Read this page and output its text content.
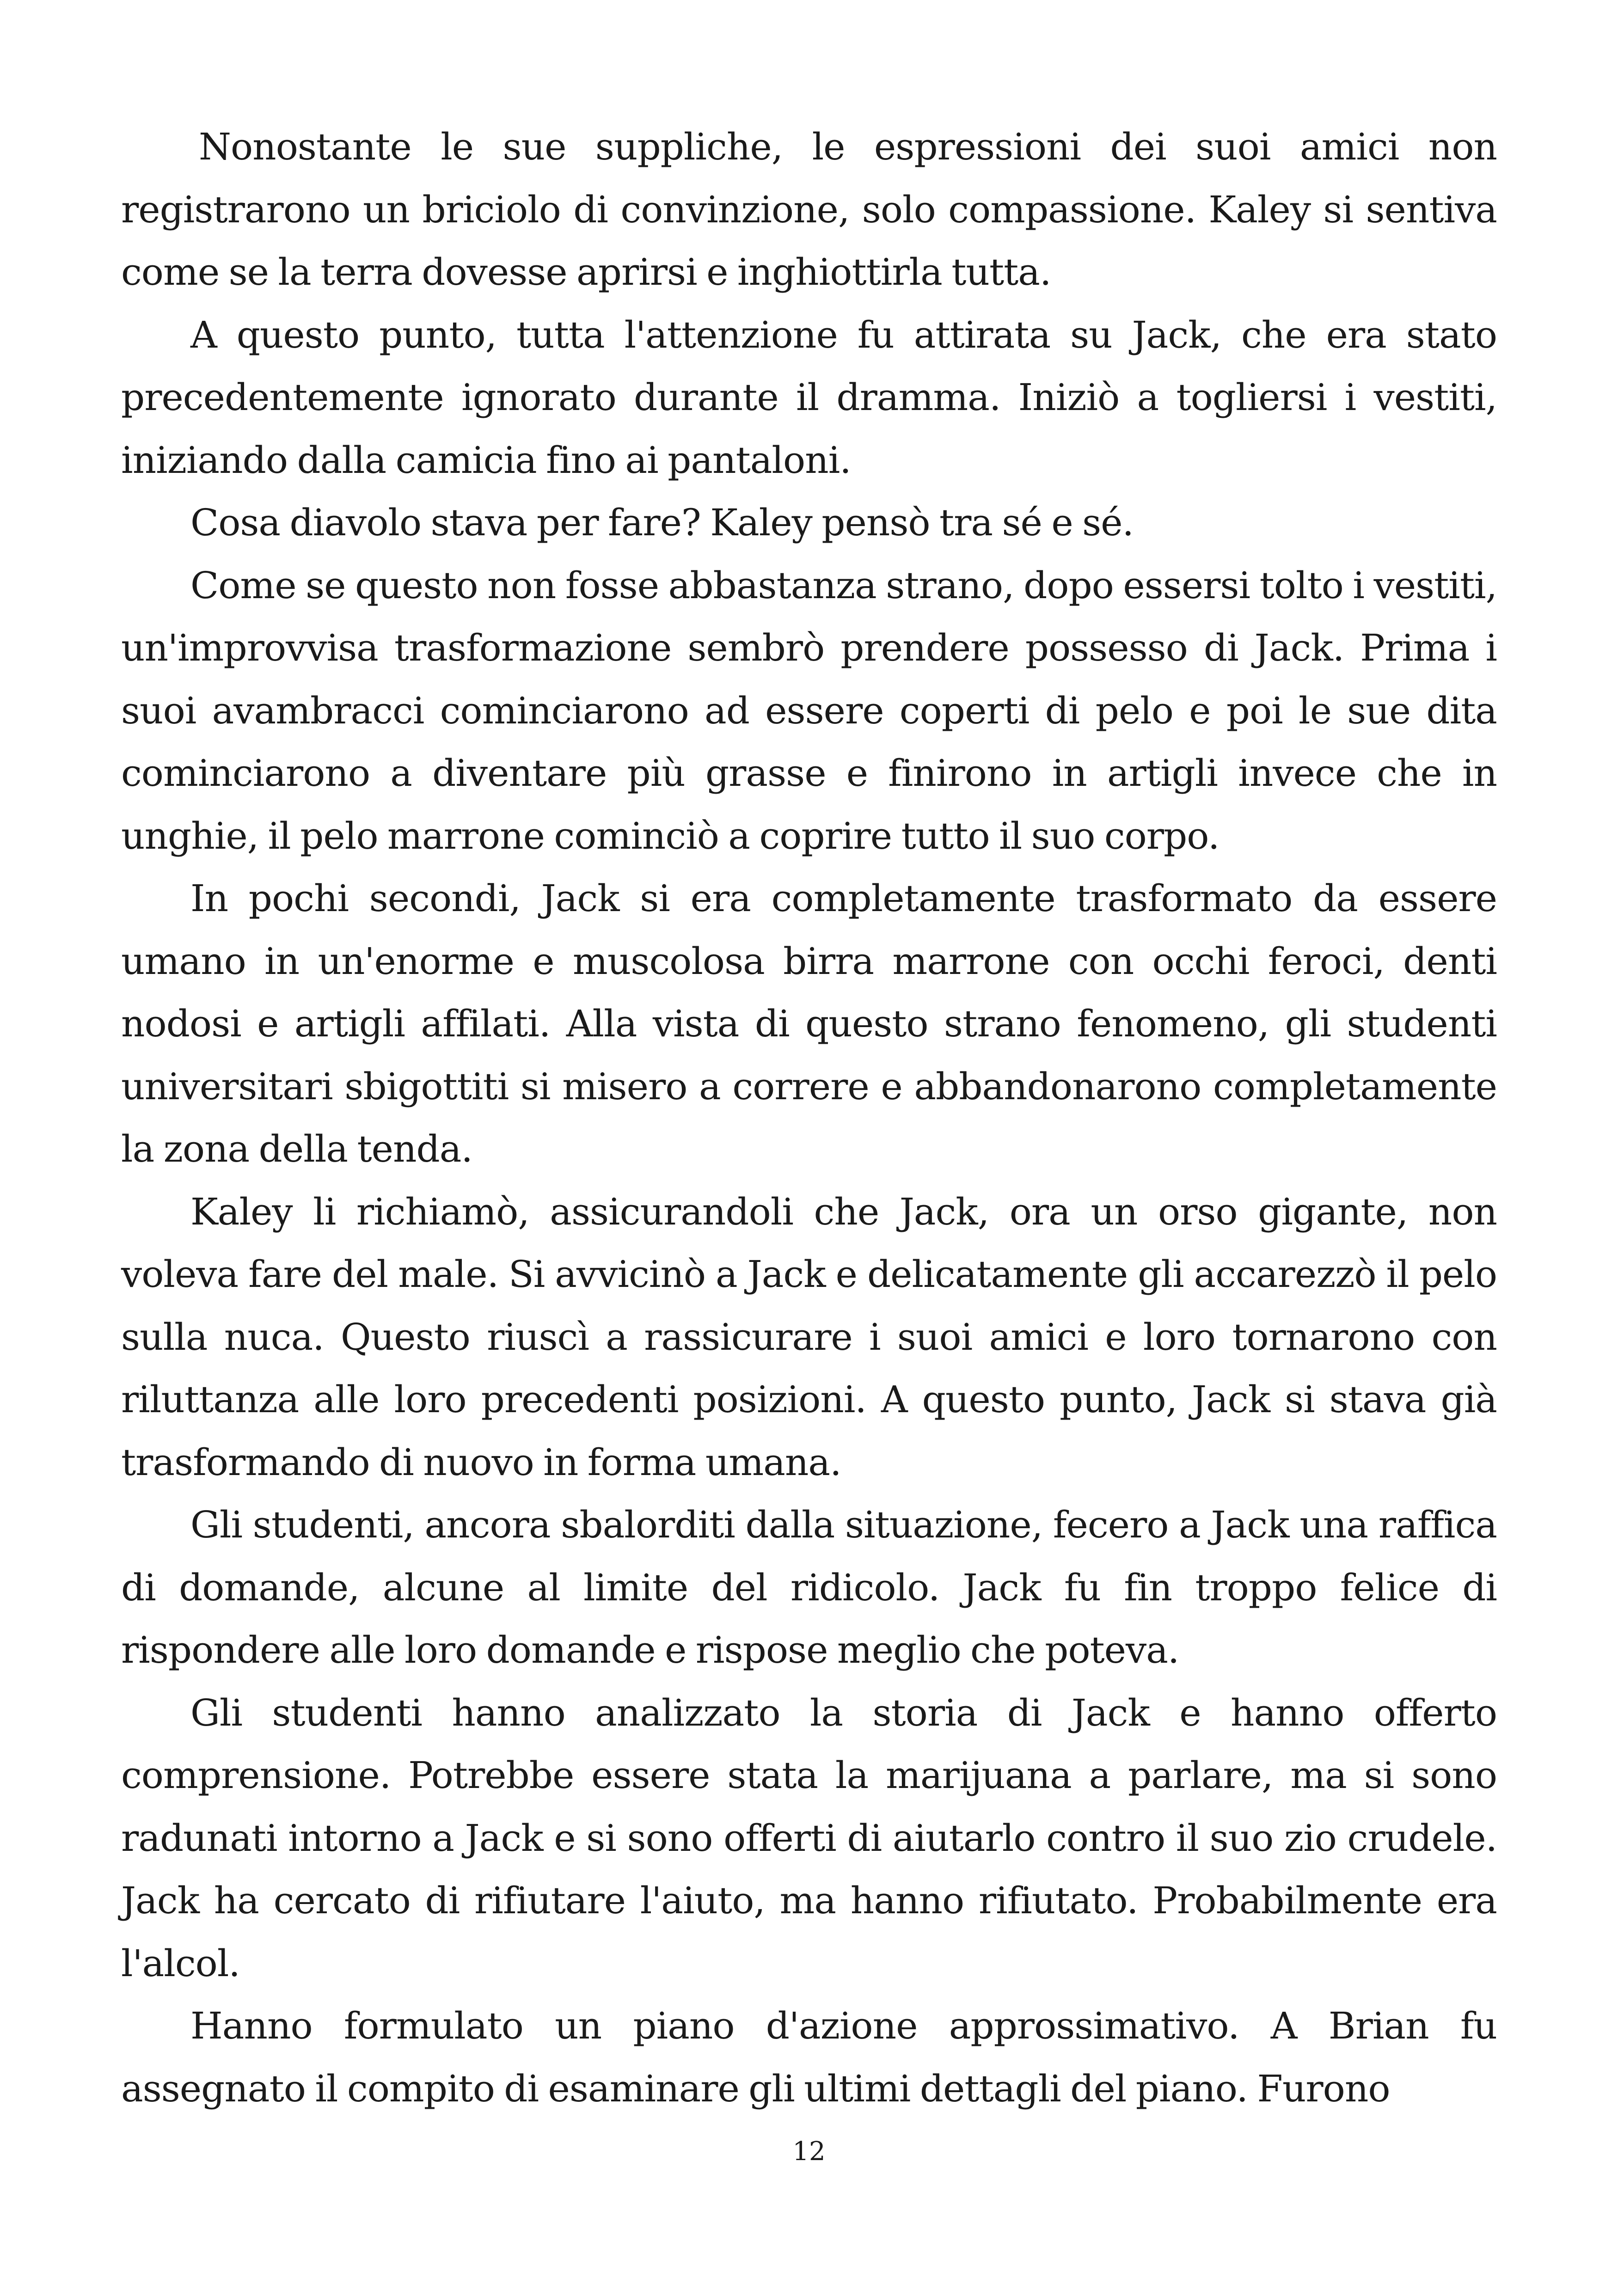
Nonostante le sue suppliche, le espressioni dei suoi amici non registrarono un briciolo di convinzione, solo compassione. Kaley si sentiva come se la terra dovesse aprirsi e inghiottirla tutta.

A questo punto, tutta l'attenzione fu attirata su Jack, che era stato precedentemente ignorato durante il dramma. Iniziò a togliersi i vestiti, iniziando dalla camicia fino ai pantaloni.

Cosa diavolo stava per fare? Kaley pensò tra sé e sé.

Come se questo non fosse abbastanza strano, dopo essersi tolto i vestiti, un'improvvisa trasformazione sembrò prendere possesso di Jack. Prima i suoi avambracci cominciarono ad essere coperti di pelo e poi le sue dita cominciarono a diventare più grasse e finirono in artigli invece che in unghie, il pelo marrone cominciò a coprire tutto il suo corpo.

In pochi secondi, Jack si era completamente trasformato da essere umano in un'enorme e muscolosa birra marrone con occhi feroci, denti nodosi e artigli affilati. Alla vista di questo strano fenomeno, gli studenti universitari sbigottiti si misero a correre e abbandonarono completamente la zona della tenda.

Kaley li richiamò, assicurandoli che Jack, ora un orso gigante, non voleva fare del male. Si avvicinò a Jack e delicatamente gli accarezzò il pelo sulla nuca. Questo riuscì a rassicurare i suoi amici e loro tornarono con riluttanza alle loro precedenti posizioni. A questo punto, Jack si stava già trasformando di nuovo in forma umana.

Gli studenti, ancora sbalorditi dalla situazione, fecero a Jack una raffica di domande, alcune al limite del ridicolo. Jack fu fin troppo felice di rispondere alle loro domande e rispose meglio che poteva.

Gli studenti hanno analizzato la storia di Jack e hanno offerto comprensione. Potrebbe essere stata la marijuana a parlare, ma si sono radunati intorno a Jack e si sono offerti di aiutarlo contro il suo zio crudele. Jack ha cercato di rifiutare l'aiuto, ma hanno rifiutato. Probabilmente era l'alcol.

Hanno formulato un piano d'azione approssimativo. A Brian fu assegnato il compito di esaminare gli ultimi dettagli del piano. Furono

12
